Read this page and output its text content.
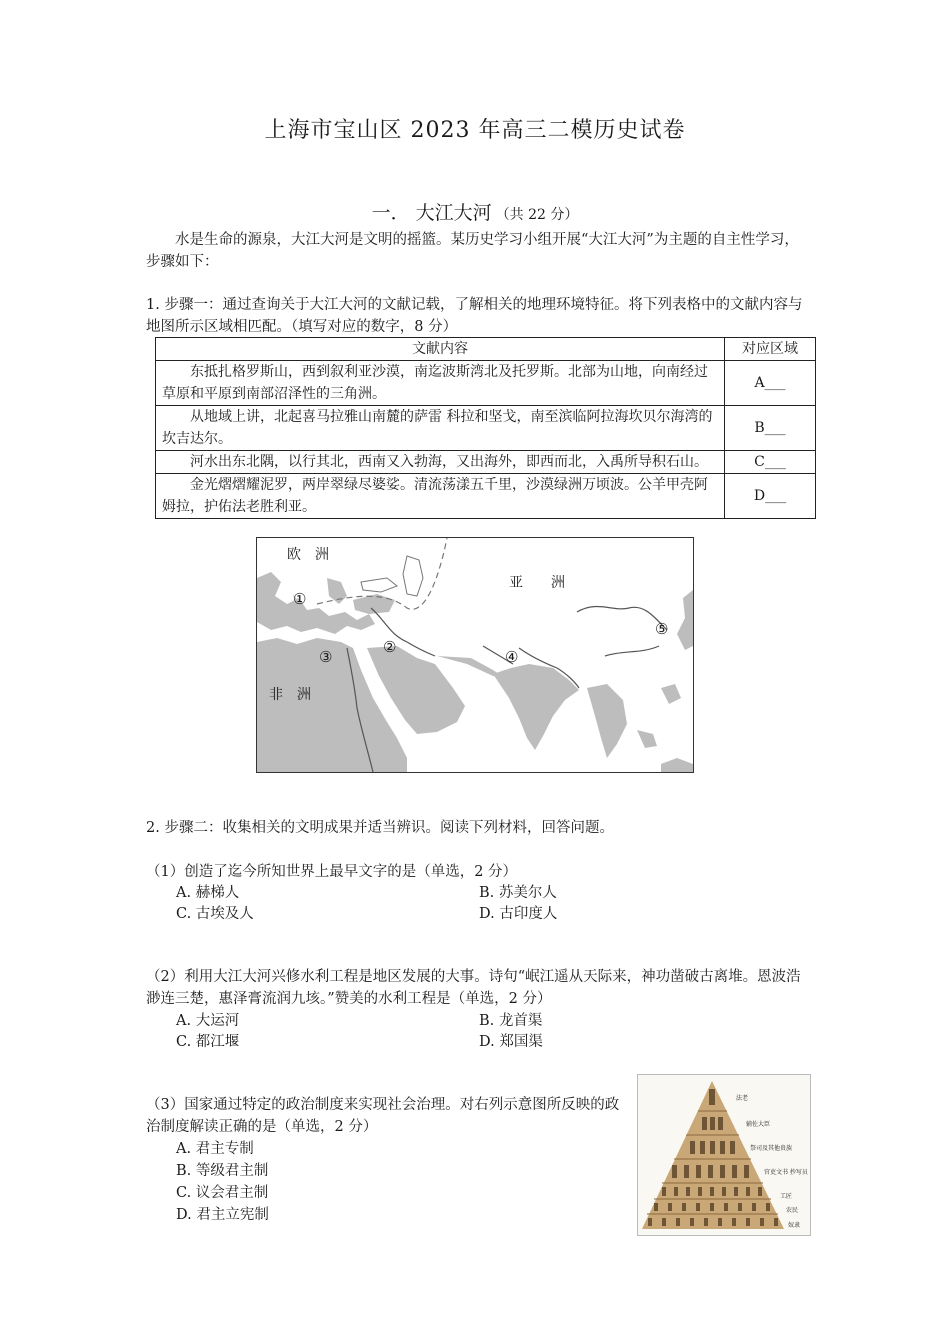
上海市宝山区 2023 年高三二模历史试卷
一． 大江大河 （共 22 分）
水是生命的源泉，大江大河是文明的摇篮。某历史学习小组开展“大江大河”为主题的自主性学习，步骤如下：
1. 步骤一：通过查询关于大江大河的文献记载，了解相关的地理环境特征。将下列表格中的文献内容与地图所示区域相匹配。（填写对应的数字，8 分）
文献内容	对应区域
东抵扎格罗斯山，西到叙利亚沙漠，南迄波斯湾北及托罗斯。北部为山地，向南经过草原和平原到南部沼泽性的三角洲。	A___
从地域上讲，北起喜马拉雅山南麓的萨雷 科拉和坚戈，南至滨临阿拉海坎贝尔海湾的坎吉达尔。	B___
河水出东北隅，以行其北，西南又入勃海，又出海外，即西而北，入禹所导积石山。	C___
金光熠熠耀泥罗，两岸翠绿尽婆娑。清流荡漾五千里，沙漠绿洲万顷波。公羊甲壳阿姆拉，护佑法老胜利亚。	D___
欧　洲
亚　　洲
非　洲
①
②
③	④
⑤
2. 步骤二：收集相关的文明成果并适当辨识。阅读下列材料，回答问题。
（1）创造了迄今所知世界上最早文字的是（单选，2 分）
A. 赫梯人	B. 苏美尔人
C. 古埃及人	D. 古印度人
（2）利用大江大河兴修水利工程是地区发展的大事。诗句“岷江遥从天际来，神功凿破古离堆。恩波浩渺连三楚，惠泽膏流润九垓。”赞美的水利工程是（单选，2 分）
A. 大运河	B. 龙首渠
C. 都江堰	D. 郑国渠
（3）国家通过特定的政治制度来实现社会治理。对右列示意图所反映的政治制度解读正确的是（单选，2 分）
A. 君主专制
B. 等级君主制
C. 议会君主制
D. 君主立宪制
法老
辅佐大臣
祭司及其他贵族
官吏文书 抄写员
工匠
农民
奴隶
